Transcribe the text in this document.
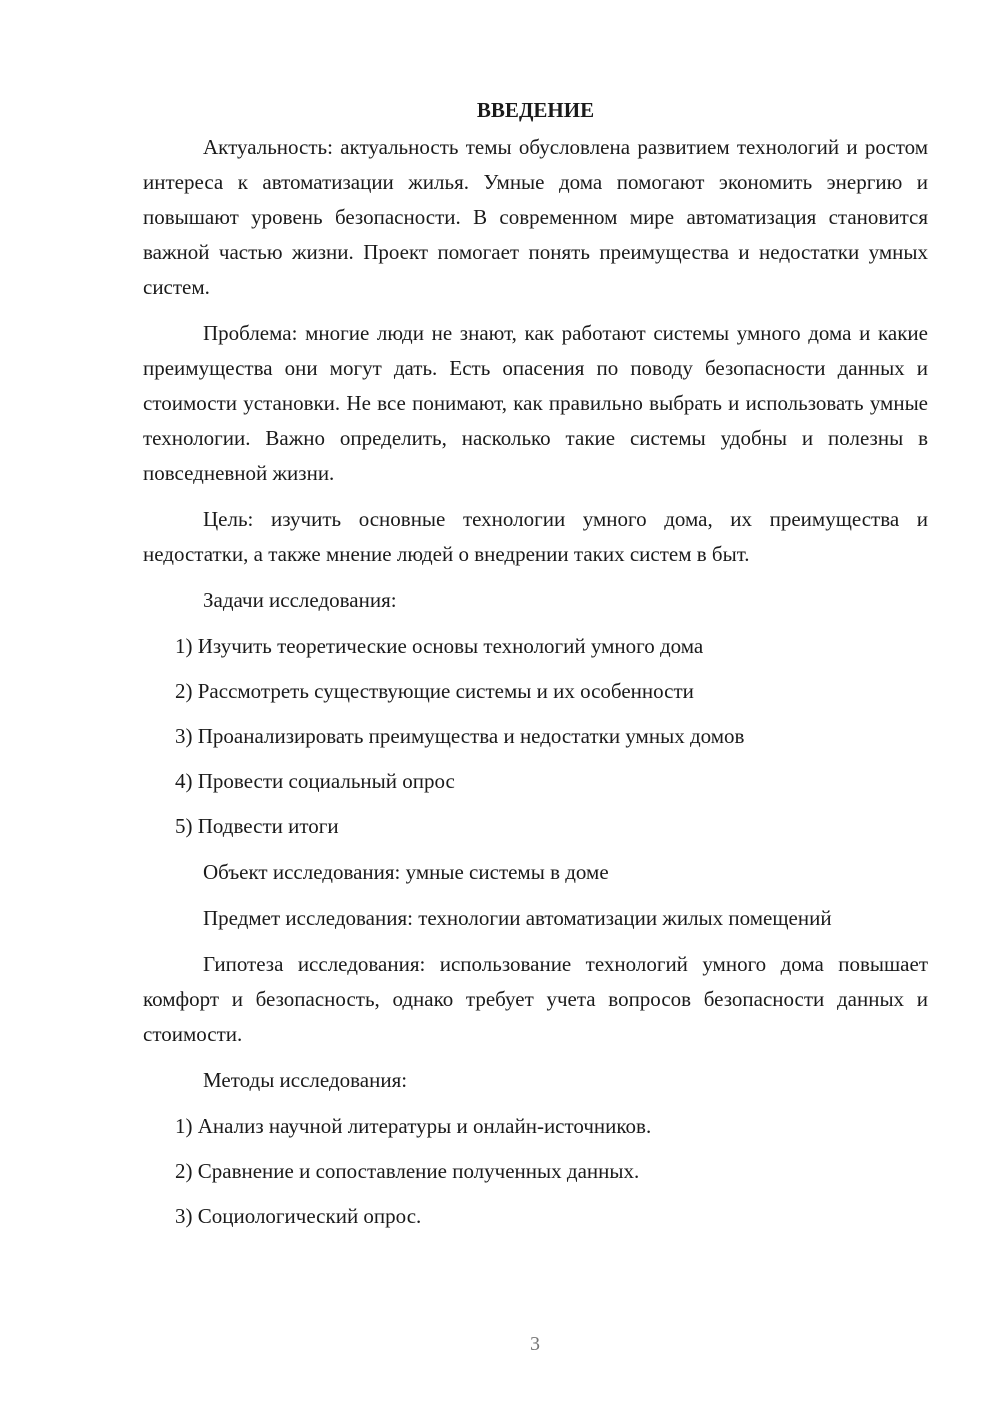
ВВЕДЕНИЕ

Актуальность: актуальность темы обусловлена развитием технологий и ростом интереса к автоматизации жилья. Умные дома помогают экономить энергию и повышают уровень безопасности. В современном мире автоматизация становится важной частью жизни. Проект помогает понять преимущества и недостатки умных систем.

Проблема: многие люди не знают, как работают системы умного дома и какие преимущества они могут дать. Есть опасения по поводу безопасности данных и стоимости установки. Не все понимают, как правильно выбрать и использовать умные технологии. Важно определить, насколько такие системы удобны и полезны в повседневной жизни.

Цель: изучить основные технологии умного дома, их преимущества и недостатки, а также мнение людей о внедрении таких систем в быт.

Задачи исследования:
1) Изучить теоретические основы технологий умного дома
2) Рассмотреть существующие системы и их особенности
3) Проанализировать преимущества и недостатки умных домов
4) Провести социальный опрос
5) Подвести итоги

Объект исследования: умные системы в доме

Предмет исследования: технологии автоматизации жилых помещений

Гипотеза исследования: использование технологий умного дома повышает комфорт и безопасность, однако требует учета вопросов безопасности данных и стоимости.

Методы исследования:
1) Анализ научной литературы и онлайн-источников.
2) Сравнение и сопоставление полученных данных.
3) Социологический опрос.
3
